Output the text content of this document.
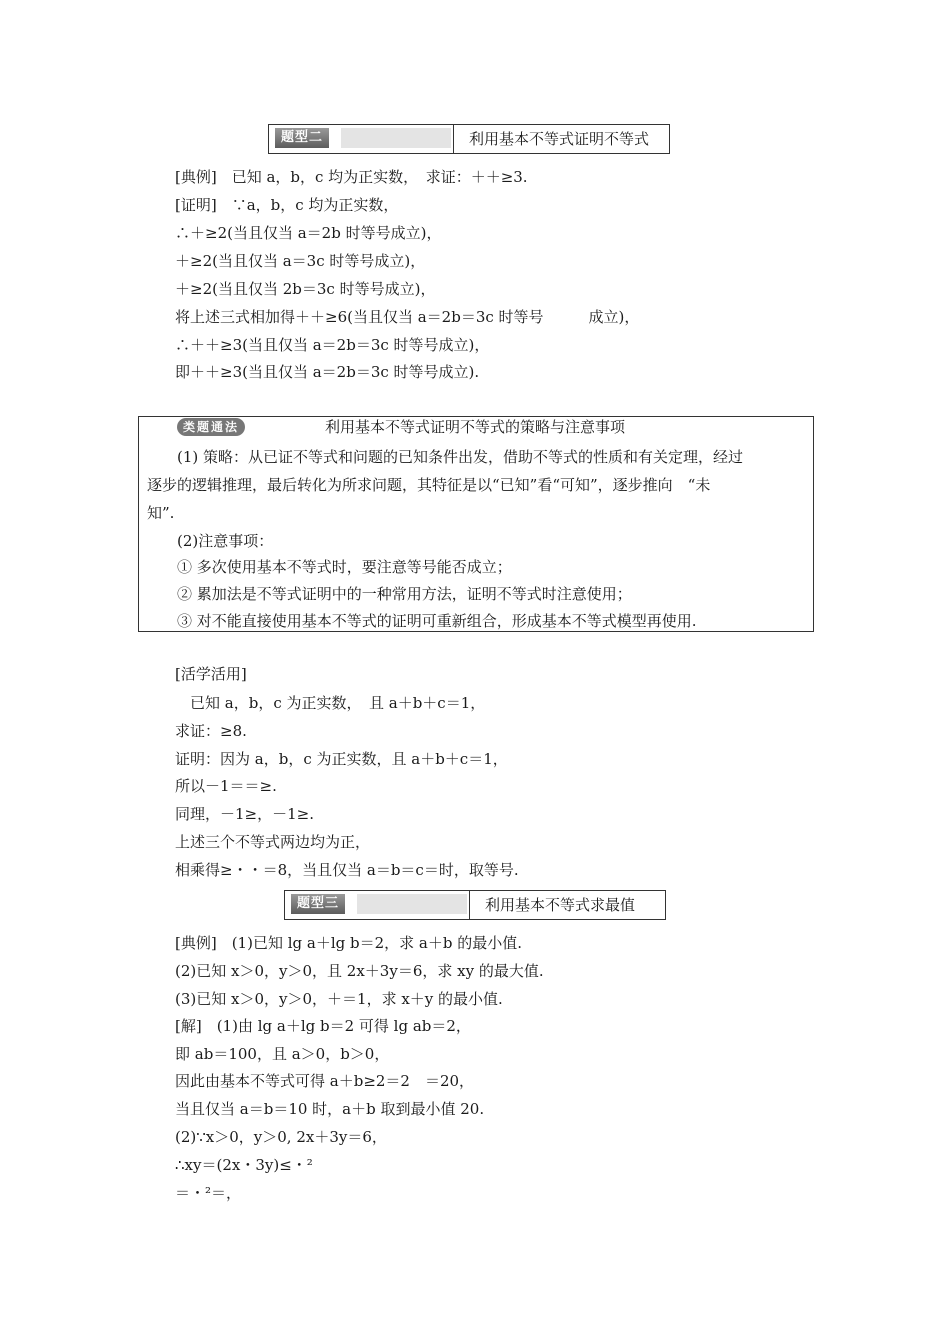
题型二	利用基本不等式证明不等式
[典例]　已知 a，b，c 均为正实数，　求证：＋＋≥3.
[证明]　∵a，b，c 均为正实数，
∴＋≥2(当且仅当 a＝2b 时等号成立)，
＋≥2(当且仅当 a＝3c 时等号成立)，
＋≥2(当且仅当 2b＝3c 时等号成立)，
将上述三式相加得＋＋≥6(当且仅当 a＝2b＝3c 时等号　　　成立)，
∴＋＋≥3(当且仅当 a＝2b＝3c 时等号成立)，
即＋＋≥3(当且仅当 a＝2b＝3c 时等号成立).
类题通法	利用基本不等式证明不等式的策略与注意事项
(1) 策略：从已证不等式和问题的已知条件出发，借助不等式的性质和有关定理，经过
逐步的逻辑推理，最后转化为所求问题，其特征是以“已知”看“可知”，逐步推向　“未
知”.
(2)注意事项：
① 多次使用基本不等式时，要注意等号能否成立；
② 累加法是不等式证明中的一种常用方法，证明不等式时注意使用；
③ 对不能直接使用基本不等式的证明可重新组合，形成基本不等式模型再使用.
[活学活用]
　已知 a，b，c 为正实数，　且 a＋b＋c＝1，
求证：≥8.
证明：因为 a，b，c 为正实数，且 a＋b＋c＝1，
所以－1＝＝≥.
同理，－1≥，－1≥.
上述三个不等式两边均为正，
相乘得≥・・＝8，当且仅当 a＝b＝c＝时，取等号.
题型三	利用基本不等式求最值
[典例]　(1)已知 lg a＋lg b＝2，求 a＋b 的最小值.
(2)已知 x＞0，y＞0，且 2x＋3y＝6，求 xy 的最大值.
(3)已知 x＞0，y＞0，＋＝1，求 x＋y 的最小值.
[解]　(1)由 lg a＋lg b＝2 可得 lg ab＝2，
即 ab＝100，且 a＞0，b＞0，
因此由基本不等式可得 a＋b≥2＝2　＝20，
当且仅当 a＝b＝10 时，a＋b 取到最小值 20.
(2)∵x＞0，y＞0, 2x＋3y＝6，
∴xy＝(2x・3y)≤・²
＝・²＝，
